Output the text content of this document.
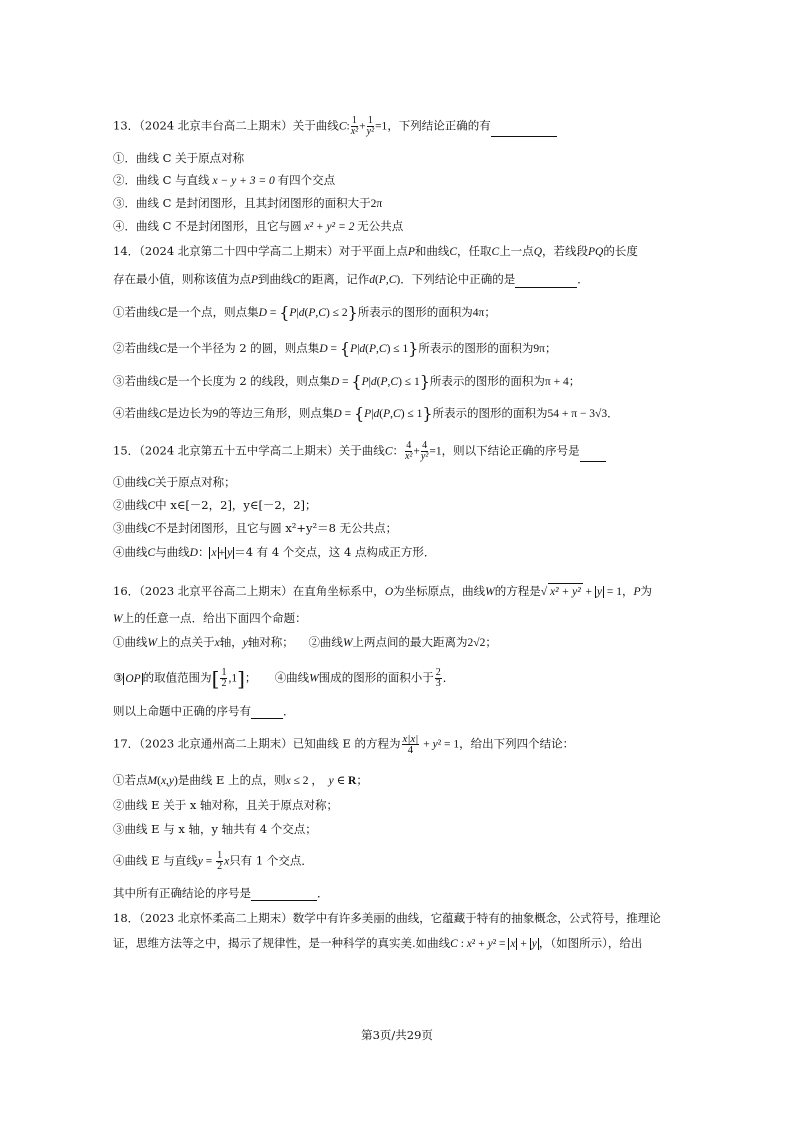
13．（2024 北京丰台高二上期末）关于曲线C: $\frac{1}{\text{x²}} + \frac{1}{\text{y²}} =1$，下列结论正确的有
①．曲线 C 关于原点对称
②．曲线 C 与直线 x − y + 3 = 0 有四个交点
③．曲线 C 是封闭图形，且其封闭图形的面积大于2π
④．曲线 C 不是封闭图形，且它与圆 x² + y² = 2 无公共点
14．（2024 北京第二十四中学高二上期末）对于平面上点P和曲线C，任取C上一点Q，若线段PQ的长度
存在最小值，则称该值为点P到曲线C的距离，记作d(P,C)．下列结论中正确的是	．
①若曲线C是一个点，则点集D = {P|d(P,C) ≤ 2}所表示的图形的面积为4π；
②若曲线C是一个半径为 2 的圆，则点集D = {P|d(P,C) ≤ 1}所表示的图形的面积为9π；
③若曲线C是一个长度为 2 的线段，则点集D = {P|d(P,C) ≤ 1}所表示的图形的面积为π + 4；
④若曲线C是边长为9的等边三角形，则点集D = {P|d(P,C) ≤ 1}所表示的图形的面积为54 + π − 3√3．
15．（2024 北京第五十五中学高二上期末）关于曲线C： $\frac{4}{\text{x²}} + \frac{4}{\text{y²}} =1$，则以下结论正确的序号是
①曲线C关于原点对称；
②曲线C中 x∈[－2，2]，y∈[－2，2]；
③曲线C不是封闭图形，且它与圆 x²+y²＝8 无公共点；
④曲线C与曲线D： x + y ＝4 有 4 个交点，这 4 点构成正方形．
16．（2023 北京平谷高二上期末）在直角坐标系中，O为坐标原点，曲线W的方程是√ x² + y² + y = 1，P为
W上的任意一点．给出下面四个命题：
①曲线W上的点关于x轴，y轴对称； ②曲线W上两点间的最大距离为2√2；
③ OP 的取值范围为[ $\frac{1}{2} ,1$]；     ④曲线W围成的图形的面积小于 $\frac{2}{3}$ ．
则以上命题中正确的序号有	．
17．（2023 北京通州高二上期末）已知曲线 E 的方程为 $\frac{x|x|}{4} + y^2 = 1$，给出下列四个结论：
①若点M(x,y)是曲线 E 上的点，则x ≤ 2 ，  y ∈ R；
②曲线 E 关于 x 轴对称，且关于原点对称；
③曲线 E 与 x 轴，y 轴共有 4 个交点；
④曲线 E 与直线$y = \frac{1}{2}$ x只有 1 个交点．
其中所有正确结论的序号是	．
18．（2023 北京怀柔高二上期末）数学中有许多美丽的曲线，它蕴藏于特有的抽象概念，公式符号，推理论
证，思维方法等之中，揭示了规律性，是一种科学的真实美.如曲线C : x² + y² = x + y ，（如图所示），给出
第3页/共29页
